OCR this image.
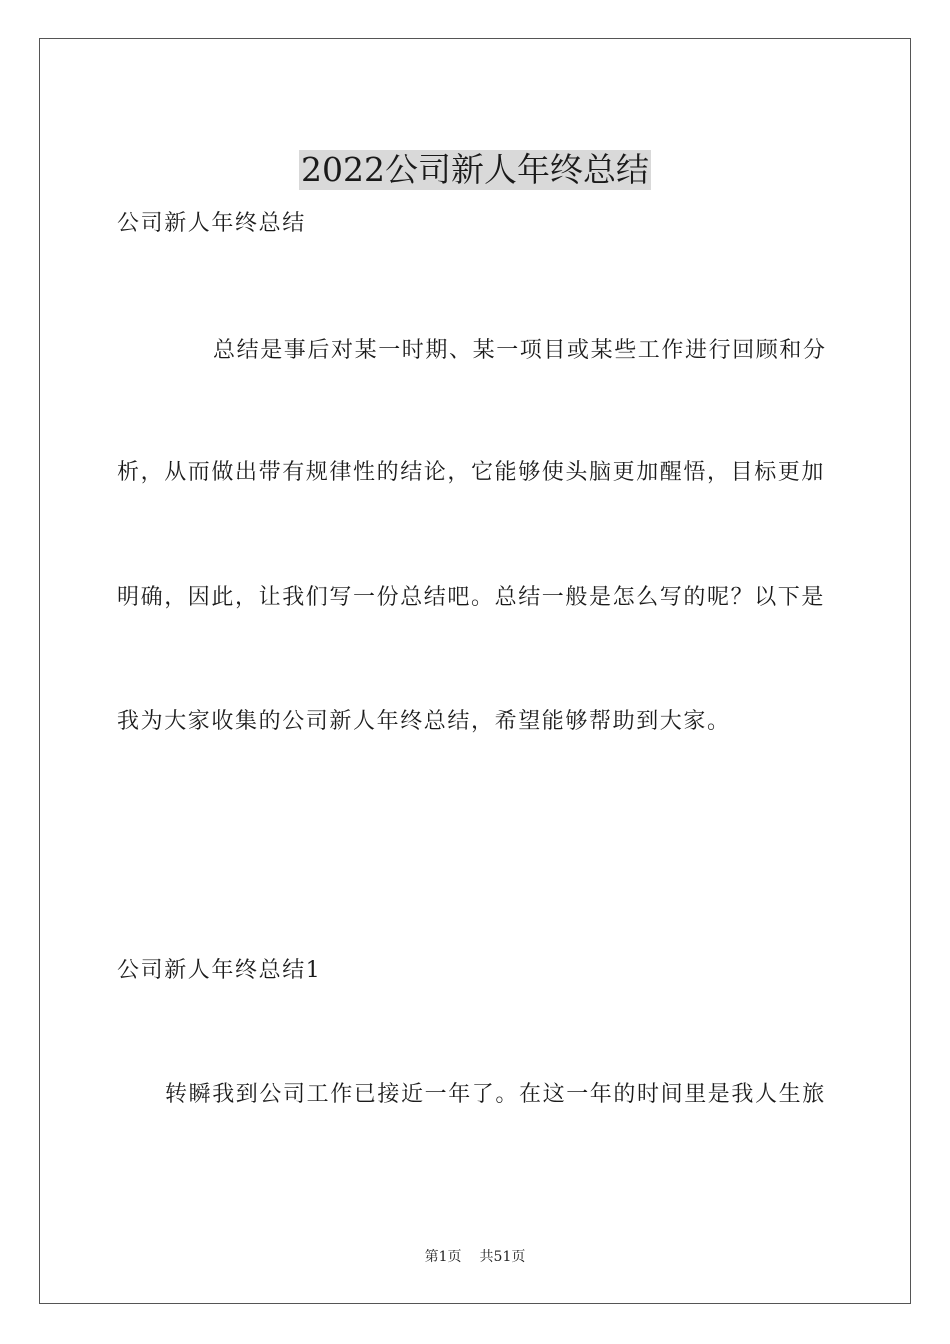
2022公司新人年终总结
公司新人年终总结
总结是事后对某一时期、某一项目或某些工作进行回顾和分
析，从而做出带有规律性的结论，它能够使头脑更加醒悟，目标更加
明确，因此，让我们写一份总结吧。总结一般是怎么写的呢？以下是
我为大家收集的公司新人年终总结，希望能够帮助到大家。
公司新人年终总结1
转瞬我到公司工作已接近一年了。在这一年的时间里是我人生旅
第1页 共51页
